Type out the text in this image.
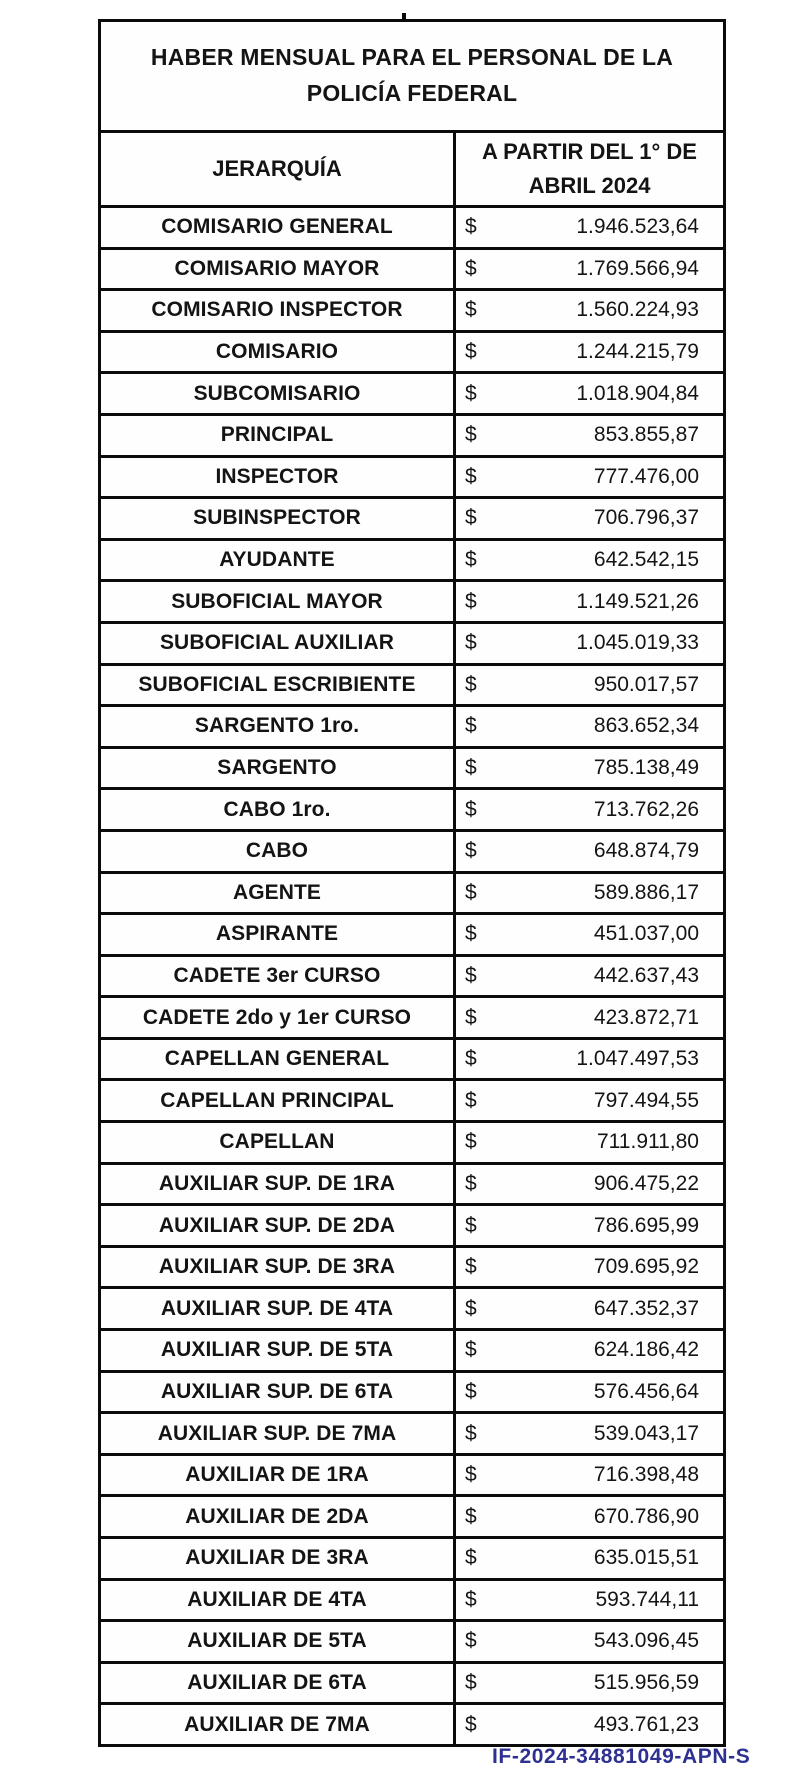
HABER MENSUAL PARA EL PERSONAL DE LA POLICÍA FEDERAL	

JERARQUÍA	A PARTIR DEL 1° DE ABRIL 2024

COMISARIO GENERAL	$ 1.946.523,64

COMISARIO MAYOR	$ 1.769.566,94

COMISARIO INSPECTOR	$ 1.560.224,93

COMISARIO	$ 1.244.215,79

SUBCOMISARIO	$ 1.018.904,84

PRINCIPAL	$ 853.855,87

INSPECTOR	$ 777.476,00

SUBINSPECTOR	$ 706.796,37

AYUDANTE	$ 642.542,15

SUBOFICIAL MAYOR	$ 1.149.521,26

SUBOFICIAL AUXILIAR	$ 1.045.019,33

SUBOFICIAL ESCRIBIENTE	$ 950.017,57

SARGENTO 1ro.	$ 863.652,34

SARGENTO	$ 785.138,49

CABO 1ro.	$ 713.762,26

CABO	$ 648.874,79

AGENTE	$ 589.886,17

ASPIRANTE	$ 451.037,00

CADETE 3er CURSO	$ 442.637,43

CADETE 2do y 1er CURSO	$ 423.872,71

CAPELLAN GENERAL	$ 1.047.497,53

CAPELLAN PRINCIPAL	$ 797.494,55

CAPELLAN	$ 711.911,80

AUXILIAR SUP. DE 1RA	$ 906.475,22

AUXILIAR SUP. DE 2DA	$ 786.695,99

AUXILIAR SUP. DE 3RA	$ 709.695,92

AUXILIAR SUP. DE 4TA	$ 647.352,37

AUXILIAR SUP. DE 5TA	$ 624.186,42

AUXILIAR SUP. DE 6TA	$ 576.456,64

AUXILIAR SUP. DE 7MA	$ 539.043,17

AUXILIAR DE 1RA	$ 716.398,48

AUXILIAR DE 2DA	$ 670.786,90

AUXILIAR DE 3RA	$ 635.015,51

AUXILIAR DE 4TA	$ 593.744,11

AUXILIAR DE 5TA	$ 543.096,45

AUXILIAR DE 6TA	$ 515.956,59

AUXILIAR DE 7MA	$ 493.761,23
IF-2024-34881049-APN-S
